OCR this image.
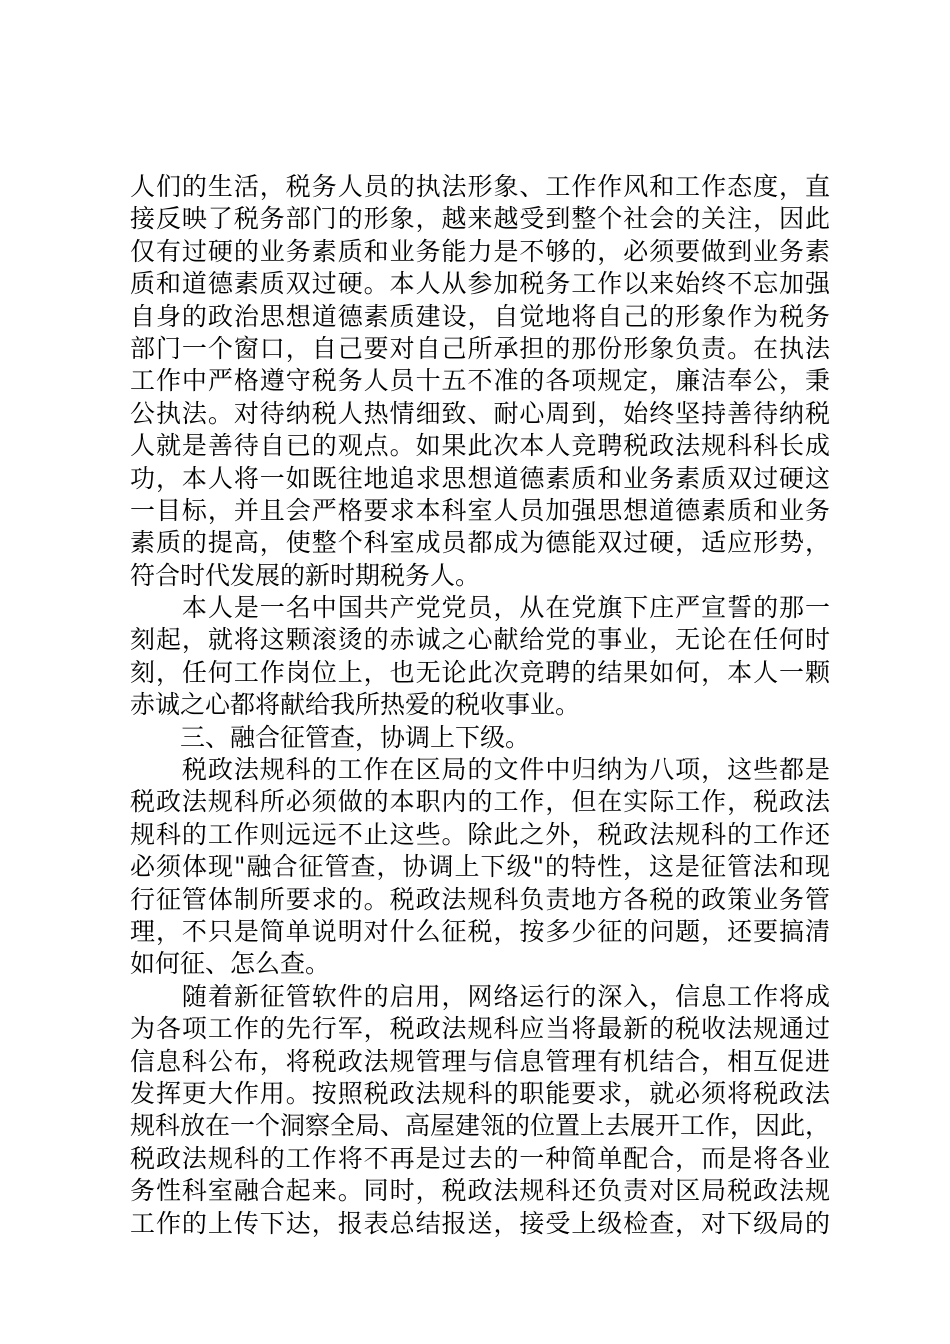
人们的生活，税务人员的执法形象、工作作风和工作态度，直
接反映了税务部门的形象，越来越受到整个社会的关注，因此
仅有过硬的业务素质和业务能力是不够的，必须要做到业务素
质和道德素质双过硬。本人从参加税务工作以来始终不忘加强
自身的政治思想道德素质建设，自觉地将自己的形象作为税务
部门一个窗口，自己要对自己所承担的那份形象负责。在执法
工作中严格遵守税务人员十五不准的各项规定，廉洁奉公，秉
公执法。对待纳税人热情细致、耐心周到，始终坚持善待纳税
人就是善待自已的观点。如果此次本人竞聘税政法规科科长成
功，本人将一如既往地追求思想道德素质和业务素质双过硬这
一目标，并且会严格要求本科室人员加强思想道德素质和业务
素质的提高，使整个科室成员都成为德能双过硬，适应形势，
符合时代发展的新时期税务人。
　　本人是一名中国共产党党员，从在党旗下庄严宣誓的那一
刻起，就将这颗滚烫的赤诚之心献给党的事业，无论在任何时
刻，任何工作岗位上，也无论此次竞聘的结果如何，本人一颗
赤诚之心都将献给我所热爱的税收事业。
　　三、融合征管查，协调上下级。
　　税政法规科的工作在区局的文件中归纳为八项，这些都是
税政法规科所必须做的本职内的工作，但在实际工作，税政法
规科的工作则远远不止这些。除此之外，税政法规科的工作还
必须体现"融合征管查，协调上下级"的特性，这是征管法和现
行征管体制所要求的。税政法规科负责地方各税的政策业务管
理，不只是简单说明对什么征税，按多少征的问题，还要搞清
如何征、怎么查。
　　随着新征管软件的启用，网络运行的深入，信息工作将成
为各项工作的先行军，税政法规科应当将最新的税收法规通过
信息科公布，将税政法规管理与信息管理有机结合，相互促进
发挥更大作用。按照税政法规科的职能要求，就必须将税政法
规科放在一个洞察全局、高屋建瓴的位置上去展开工作，因此，
税政法规科的工作将不再是过去的一种简单配合，而是将各业
务性科室融合起来。同时，税政法规科还负责对区局税政法规
工作的上传下达，报表总结报送，接受上级检查，对下级局的
